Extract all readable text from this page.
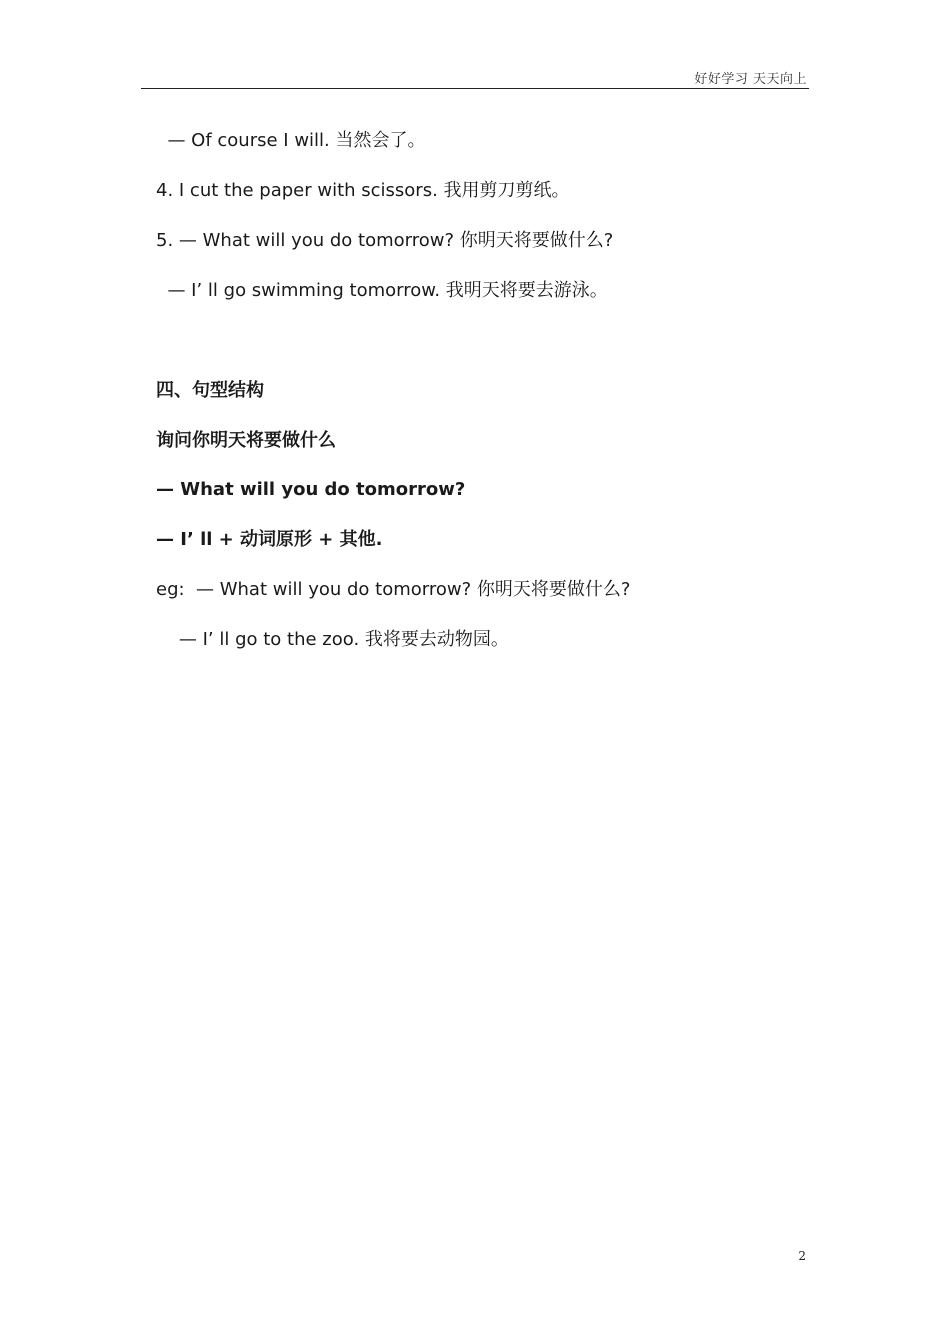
好好学习 天天向上
— Of course I will. 当然会了。
4. I cut the paper with scissors. 我用剪刀剪纸。
5. — What will you do tomorrow? 你明天将要做什么?
— I’ ll go swimming tomorrow. 我明天将要去游泳。
四、句型结构
询问你明天将要做什么
— What will you do tomorrow?
— I’ ll + 动词原形 + 其他.
eg:  — What will you do tomorrow? 你明天将要做什么?
— I’ ll go to the zoo. 我将要去动物园。
2
